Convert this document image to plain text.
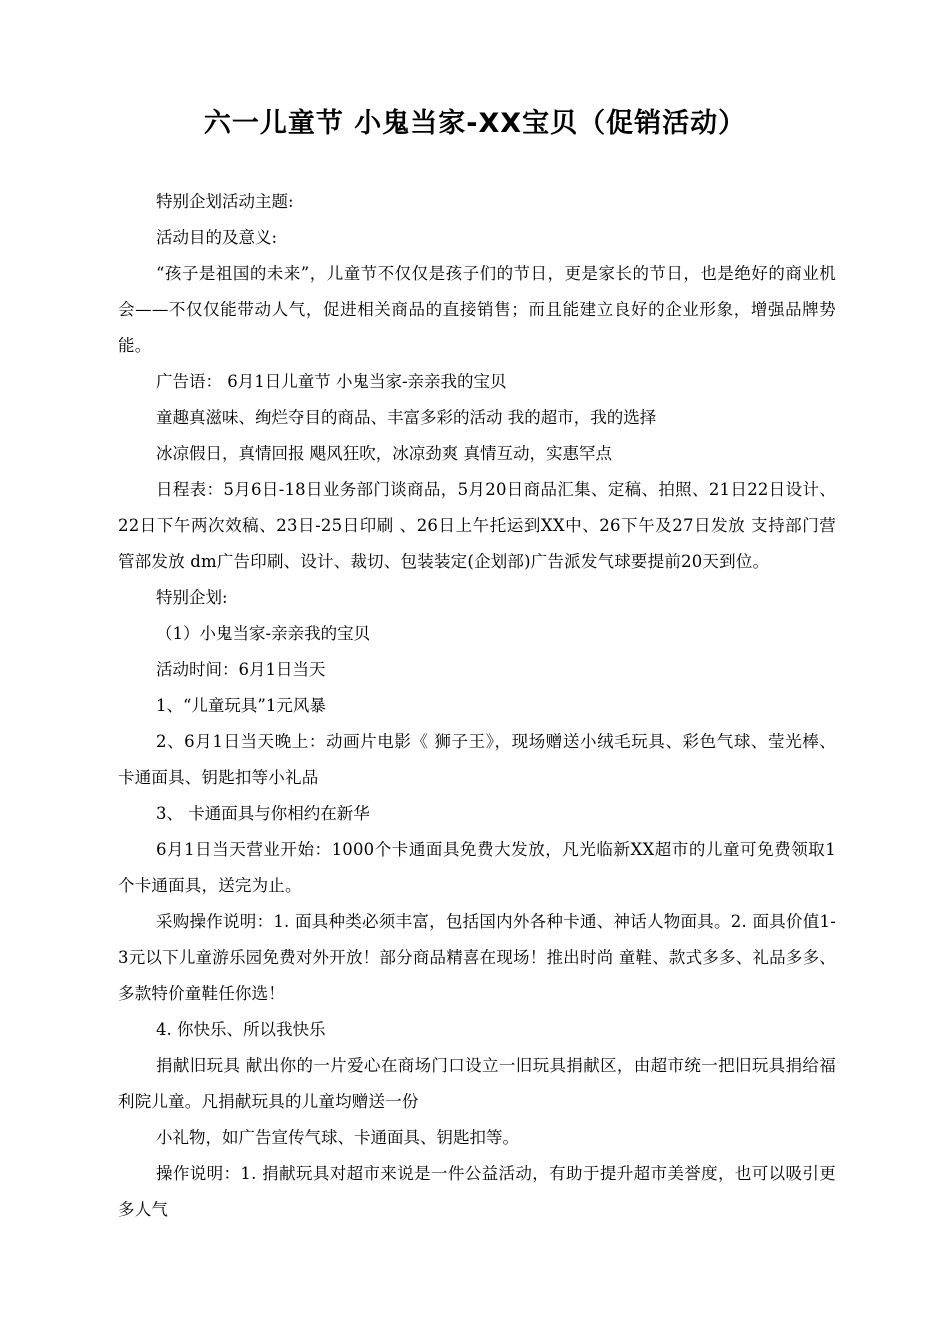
六一儿童节 小鬼当家-XX宝贝（促销活动）

特别企划活动主题:

活动目的及意义:

“孩子是祖国的未来”，儿童节不仅仅是孩子们的节日，更是家长的节日，也是绝好的商业机会——不仅仅能带动人气，促进相关商品的直接销售；而且能建立良好的企业形象，增强品牌势能。

广告语： 6月1日儿童节 小鬼当家-亲亲我的宝贝

童趣真滋味、绚烂夺目的商品、丰富多彩的活动 我的超市，我的选择

冰凉假日，真情回报 飓风狂吹，冰凉劲爽 真情互动，实惠罕点

日程表：5月6日-18日业务部门谈商品，5月20日商品汇集、定稿、拍照、21日22日设计、22日下午两次效稿、23日-25日印刷 、26日上午托运到XX中、26下午及27日发放 支持部门营管部发放 dm广告印刷、设计、裁切、包装装定(企划部)广告派发气球要提前20天到位。

特别企划:

（1）小鬼当家-亲亲我的宝贝

活动时间：6月1日当天

1、“儿童玩具”1元风暴

2、6月1日当天晚上：动画片电影《 狮子王》，现场赠送小绒毛玩具、彩色气球、莹光棒、卡通面具、钥匙扣等小礼品

3、 卡通面具与你相约在新华

6月1日当天营业开始：1000个卡通面具免费大发放，凡光临新XX超市的儿童可免费领取1个卡通面具，送完为止。

采购操作说明：1. 面具种类必须丰富，包括国内外各种卡通、神话人物面具。2. 面具价值1-3元以下儿童游乐园免费对外开放！部分商品精喜在现场！推出时尚 童鞋、款式多多、礼品多多、多款特价童鞋任你选！

4. 你快乐、所以我快乐

捐献旧玩具 献出你的一片爱心在商场门口设立一旧玩具捐献区，由超市统一把旧玩具捐给福利院儿童。凡捐献玩具的儿童均赠送一份

小礼物，如广告宣传气球、卡通面具、钥匙扣等。

操作说明：1. 捐献玩具对超市来说是一件公益活动，有助于提升超市美誉度，也可以吸引更多人气
